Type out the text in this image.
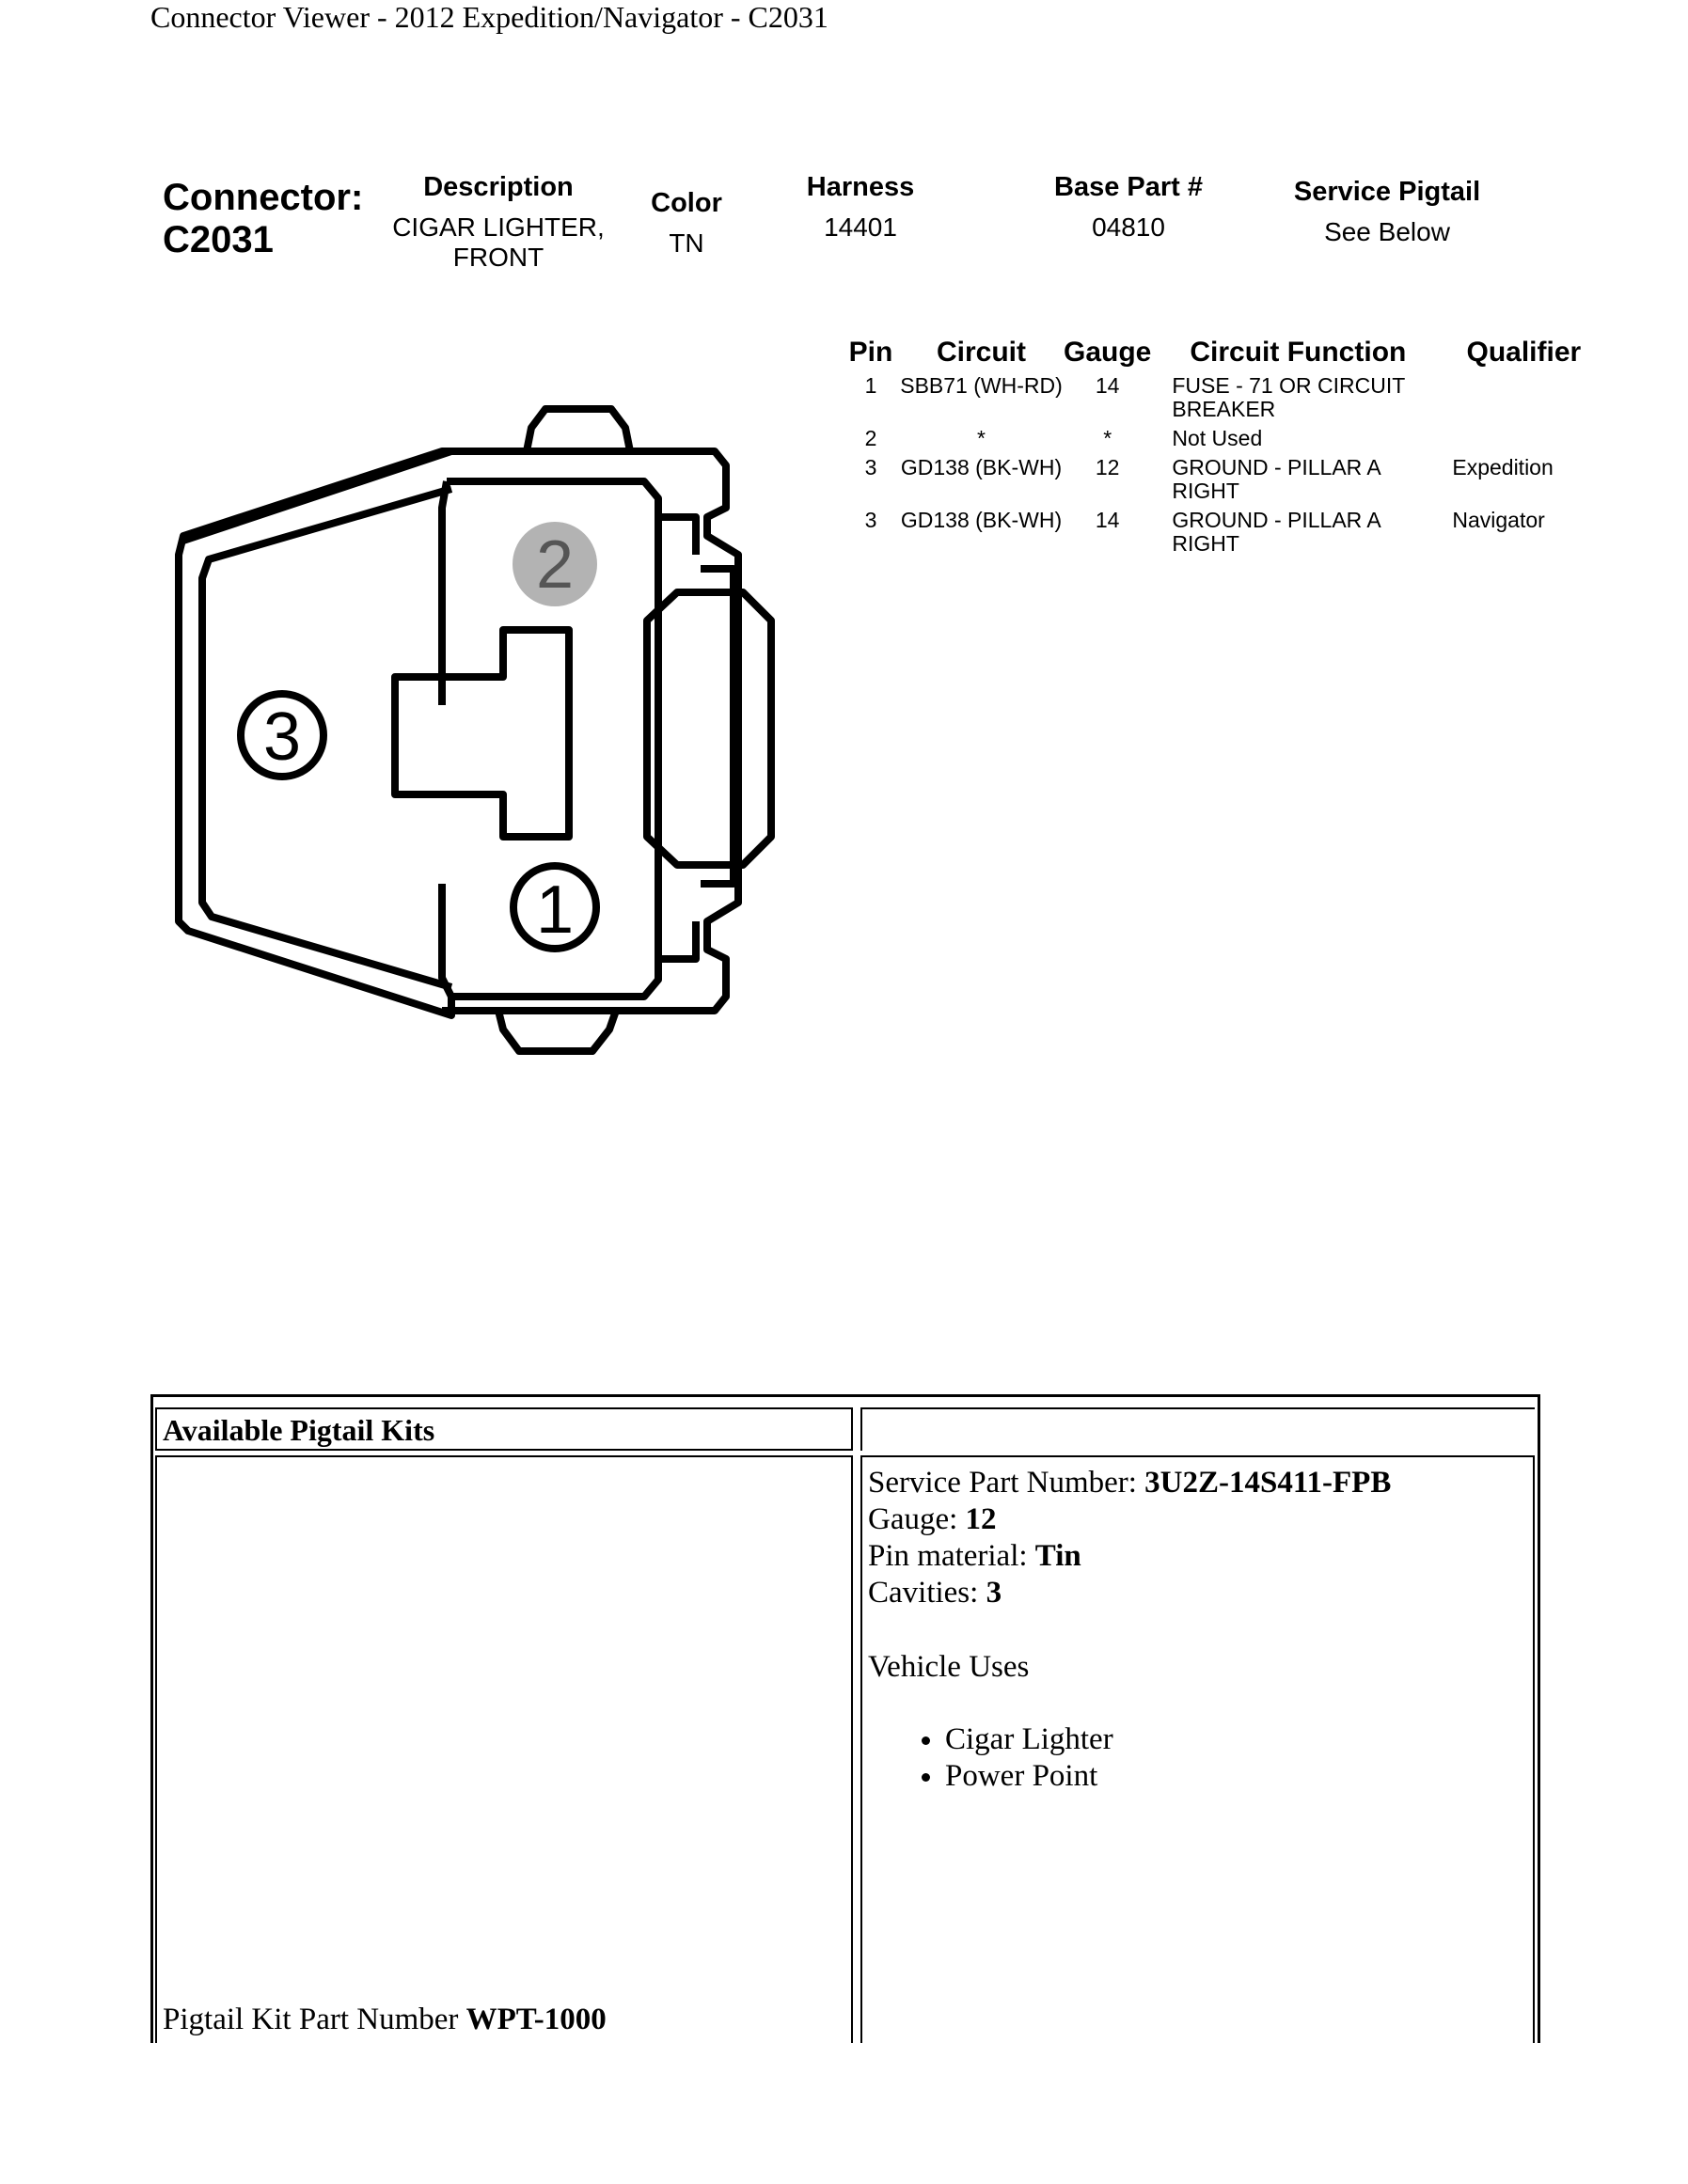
Connector Viewer - 2012 Expedition/Navigator - C2031
Connector:
C2031
Description
CIGAR LIGHTER,
FRONT
Color
TN
Harness
14401
Base Part #
04810
Service Pigtail
See Below
Pin	Circuit	Gauge	Circuit Function	Qualifier
1	SBB71 (WH-RD)	14	FUSE - 71 OR CIRCUIT BREAKER	
2	*	*	Not Used	
3	GD138 (BK-WH)	12	GROUND - PILLAR A RIGHT	Expedition
3	GD138 (BK-WH)	14	GROUND - PILLAR A RIGHT	Navigator
2
3
1
Available Pigtail Kits
Pigtail Kit Part Number WPT-1000
Service Part Number: 3U2Z-14S411-FPB
Gauge: 12
Pin material: Tin
Cavities: 3
Vehicle Uses
• Cigar Lighter
• Power Point
